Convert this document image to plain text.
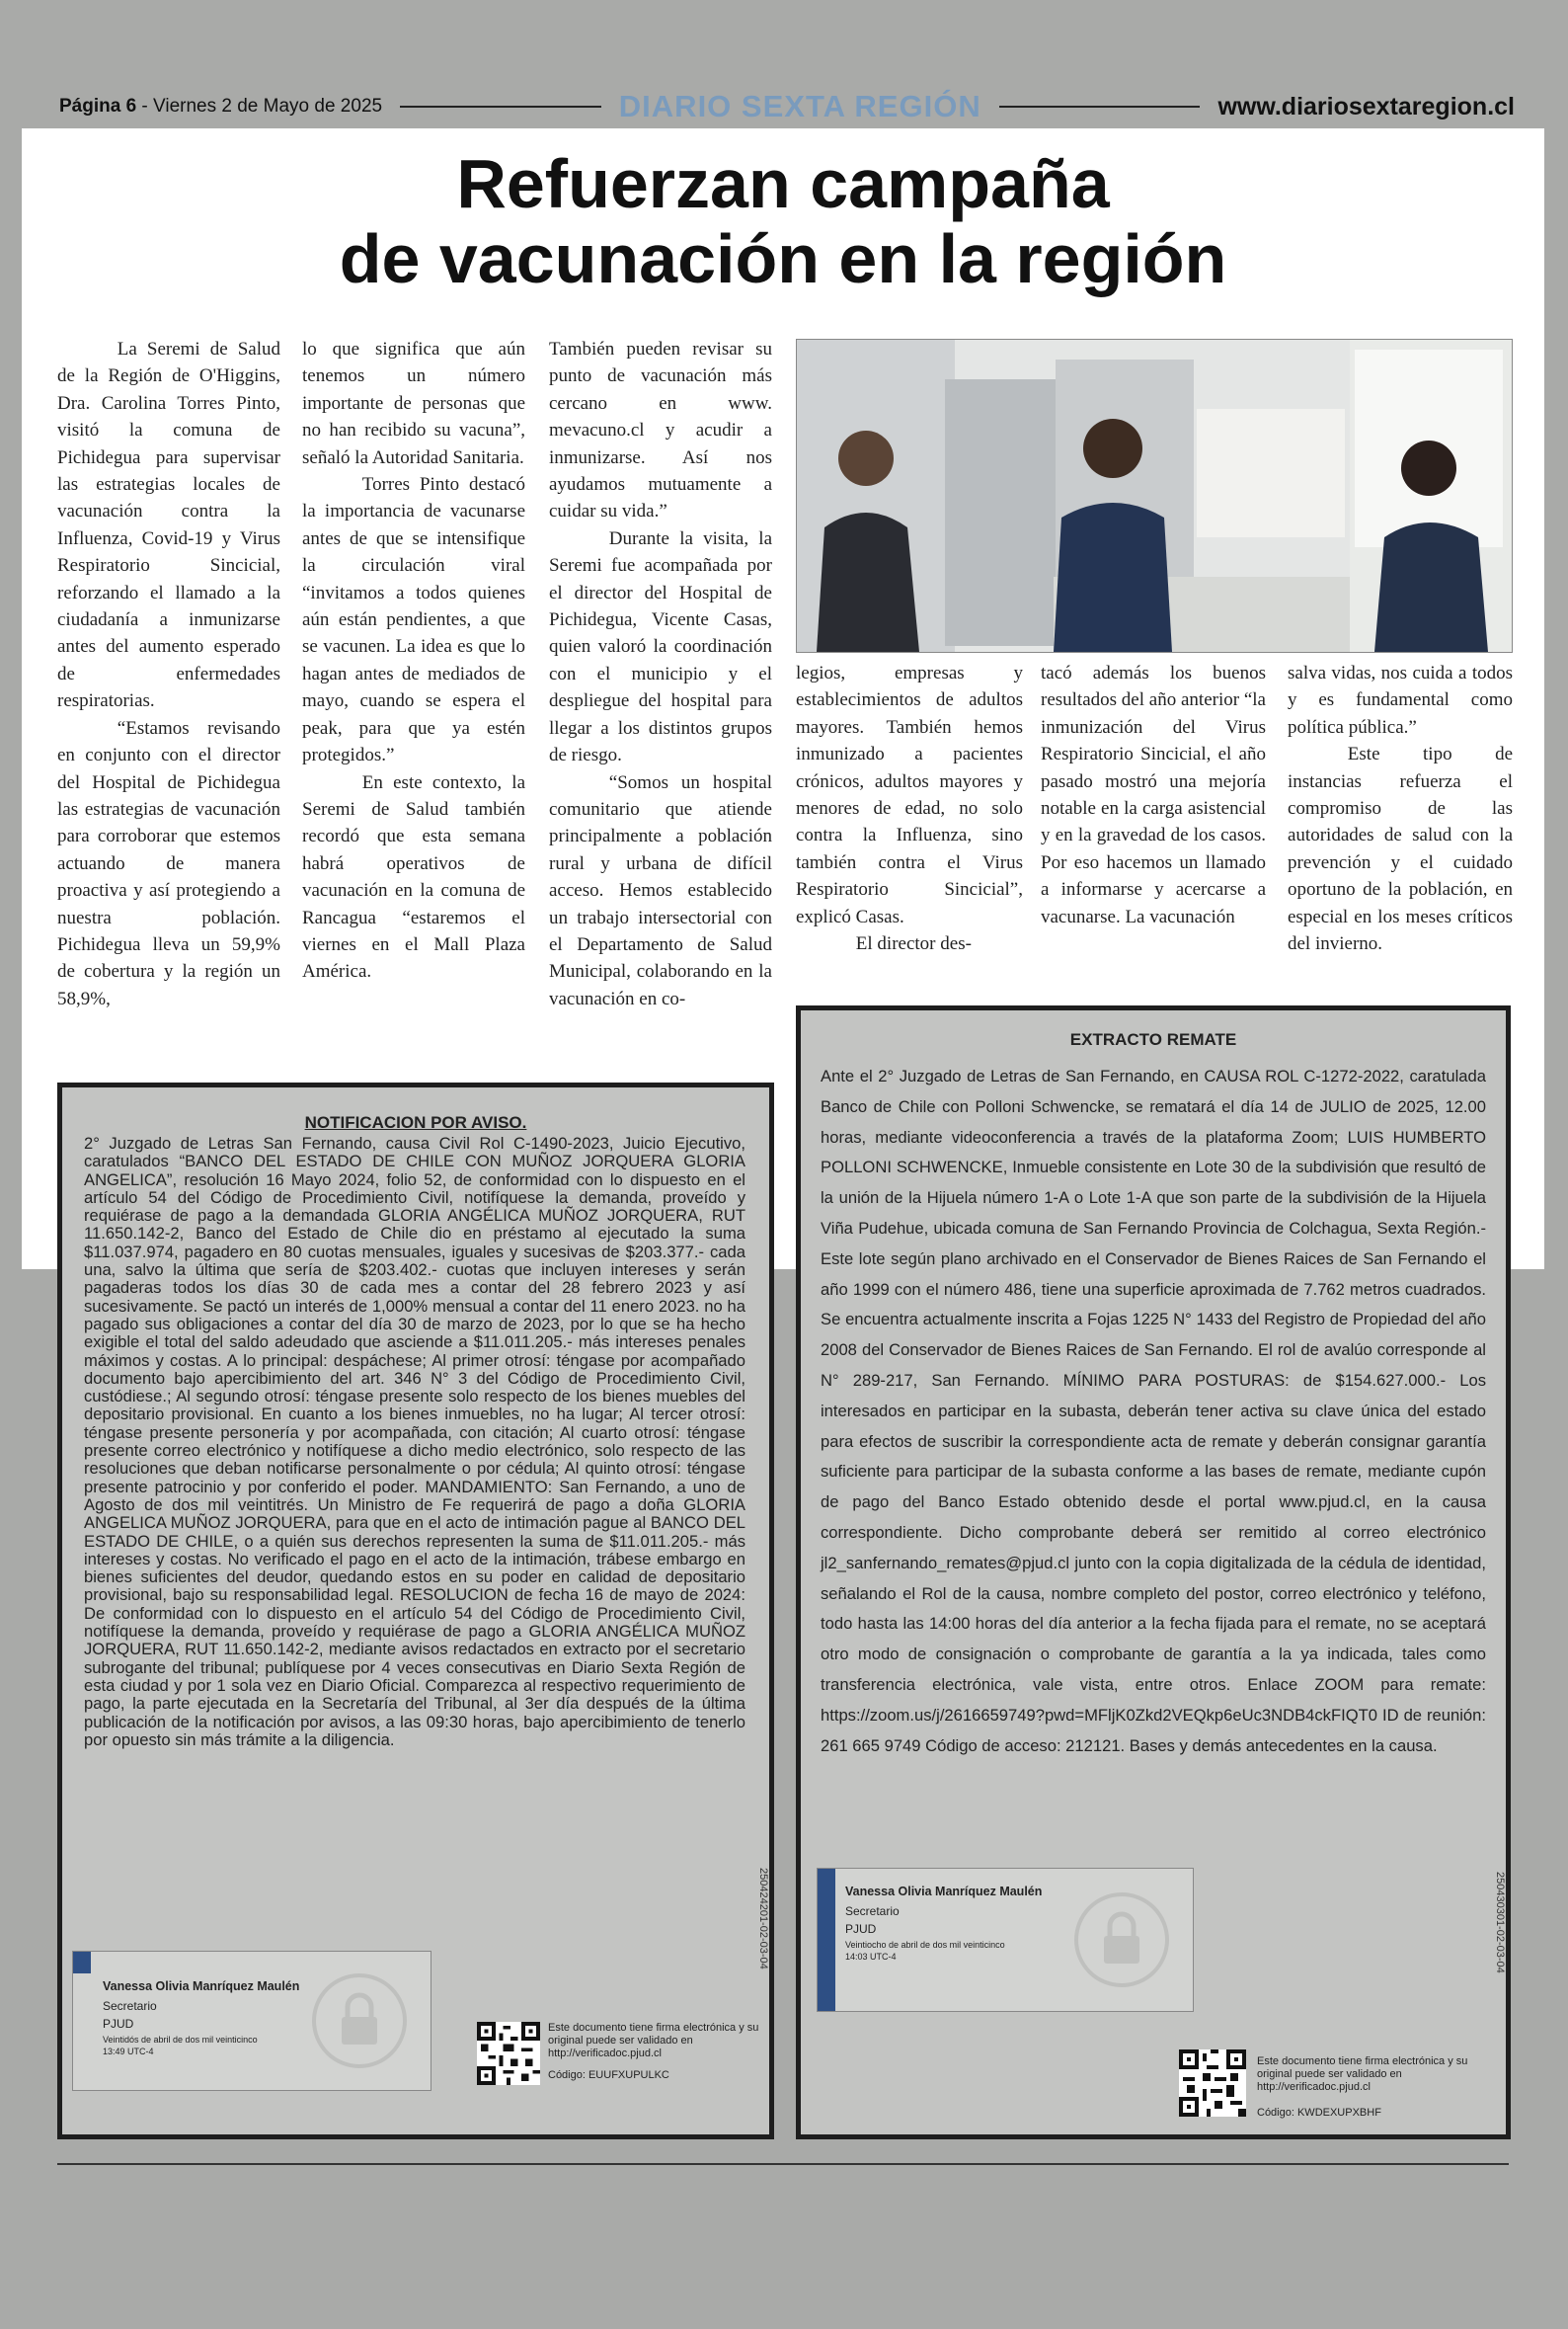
Página 6 - Viernes 2 de Mayo de 2025	DIARIO SEXTA REGIÓN	www.diariosextaregion.cl
Refuerzan campaña
de vacunación en la región

La Seremi de Salud de la Región de O'Higgins, Dra. Carolina Torres Pinto, visitó la comuna de Pichidegua para supervisar las estrategias locales de vacunación contra la Influenza, Covid-19 y Virus Respiratorio Sincicial, reforzando el llamado a la ciudadanía a inmunizarse antes del aumento esperado de enfermedades respiratorias.

“Estamos revisando en conjunto con el director del Hospital de Pichidegua las estrategias de vacunación para corroborar que estemos actuando de manera proactiva y así protegiendo a nuestra población. Pichidegua lleva un 59,9% de cobertura y la región un 58,9%,

lo que significa que aún tenemos un número importante de personas que no han recibido su vacuna”, señaló la Autoridad Sanitaria.

Torres Pinto destacó la importancia de vacunarse antes de que se intensifique la circulación viral “invitamos a todos quienes aún están pendientes, a que se vacunen. La idea es que lo hagan antes de mediados de mayo, cuando se espera el peak, para que ya estén protegidos.”

En este contexto, la Seremi de Salud también recordó que esta semana habrá operativos de vacunación en la comuna de Rancagua “estaremos el viernes en el Mall Plaza América.

También pueden revisar su punto de vacunación más cercano en www. mevacuno.cl y acudir a inmunizarse. Así nos ayudamos mutuamente a cuidar su vida.”

Durante la visita, la Seremi fue acompañada por el director del Hospital de Pichidegua, Vicente Casas, quien valoró la coordinación con el municipio y el despliegue del hospital para llegar a los distintos grupos de riesgo.

“Somos un hospital comunitario que atiende principalmente a población rural y urbana de difícil acceso. Hemos establecido un trabajo intersectorial con el Departamento de Salud Municipal, colaborando en la vacunación en co-

legios, empresas y establecimientos de adultos mayores. También hemos inmunizado a pacientes crónicos, adultos mayores y menores de edad, no solo contra la Influenza, sino también contra el Virus Respiratorio Sincicial”, explicó Casas.

El director des-

tacó además los buenos resultados del año anterior “la inmunización del Virus Respiratorio Sincicial, el año pasado mostró una mejoría notable en la carga asistencial y en la gravedad de los casos. Por eso hacemos un llamado a informarse y acercarse a vacunarse. La vacunación

salva vidas, nos cuida a todos y es fundamental como política pública.”

Este tipo de instancias refuerza el compromiso de las autoridades de salud con la prevención y el cuidado oportuno de la población, en especial en los meses críticos del invierno.

EXTRACTO REMATE
Ante el 2° Juzgado de Letras de San Fernando, en CAUSA ROL C-1272-2022, caratulada Banco de Chile con Polloni Schwencke, se rematará el día 14 de JULIO de 2025, 12.00 horas, mediante videoconferencia a través de la plataforma Zoom; LUIS HUMBERTO POLLONI SCHWENCKE, Inmueble consistente en Lote 30 de la subdivisión que resultó de la unión de la Hijuela número 1-A o Lote 1-A que son parte de la subdivisión de la Hijuela Viña Pudehue, ubicada comuna de San Fernando Provincia de Colchagua, Sexta Región.- Este lote según plano archivado en el Conservador de Bienes Raices de San Fernando el año 1999 con el número 486, tiene una superficie aproximada de 7.762 metros cuadrados. Se encuentra actualmente inscrita a Fojas 1225 N° 1433 del Registro de Propiedad del año 2008 del Conservador de Bienes Raices de San Fernando. El rol de avalúo corresponde al N° 289-217, San Fernando. MÍNIMO PARA POSTURAS: de $154.627.000.- Los interesados en participar en la subasta, deberán tener activa su clave única del estado para efectos de suscribir la correspondiente acta de remate y deberán consignar garantía suficiente para participar de la subasta conforme a las bases de remate, mediante cupón de pago del Banco Estado obtenido desde el portal www.pjud.cl, en la causa correspondiente. Dicho comprobante deberá ser remitido al correo electrónico jl2_sanfernando_remates@pjud.cl junto con la copia digitalizada de la cédula de identidad, señalando el Rol de la causa, nombre completo del postor, correo electrónico y teléfono, todo hasta las 14:00 horas del día anterior a la fecha fijada para el remate, no se aceptará otro modo de consignación o comprobante de garantía a la ya indicada, tales como transferencia electrónica, vale vista, entre otros. Enlace ZOOM para remate: https://zoom.us/j/2616659749?pwd=MFljK0Zkd2VEQkp6eUc3NDB4ckFIQT0 ID de reunión: 261 665 9749 Código de acceso: 212121. Bases y demás antecedentes en la causa.
Vanessa Olivia Manríquez Maulén
Secretario
PJUD
Veintiocho de abril de dos mil veinticinco
14:03 UTC-4
Este documento tiene firma electrónica y su original puede ser validado en http://verificadoc.pjud.cl
Código: KWDEXUPXBHF
250430301-02-03-04
NOTIFICACION POR AVISO.
2° Juzgado de Letras San Fernando, causa Civil Rol C-1490-2023, Juicio Ejecutivo, caratulados “BANCO DEL ESTADO DE CHILE CON MUÑOZ JORQUERA GLORIA ANGELICA”, resolución 16 Mayo 2024, folio 52, de conformidad con lo dispuesto en el artículo 54 del Código de Procedimiento Civil, notifíquese la demanda, proveído y requiérase de pago a la demandada GLORIA ANGÉLICA MUÑOZ JORQUERA, RUT 11.650.142-2, Banco del Estado de Chile dio en préstamo al ejecutado la suma $11.037.974, pagadero en 80 cuotas mensuales, iguales y sucesivas de $203.377.- cada una, salvo la última que sería de $203.402.- cuotas que incluyen intereses y serán pagaderas todos los días 30 de cada mes a contar del 28 febrero 2023 y así sucesivamente. Se pactó un interés de 1,000% mensual a contar del 11 enero 2023. no ha pagado sus obligaciones a contar del día 30 de marzo de 2023, por lo que se ha hecho exigible el total del saldo adeudado que asciende a $11.011.205.- más intereses penales máximos y costas. A lo principal: despáchese; Al primer otrosí: téngase por acompañado documento bajo apercibimiento del art. 346 N° 3 del Código de Procedimiento Civil, custódiese.; Al segundo otrosí: téngase presente solo respecto de los bienes muebles del depositario provisional. En cuanto a los bienes inmuebles, no ha lugar; Al tercer otrosí: téngase presente personería y por acompañada, con citación; Al cuarto otrosí: téngase presente correo electrónico y notifíquese a dicho medio electrónico, solo respecto de las resoluciones que deban notificarse personalmente o por cédula; Al quinto otrosí: téngase presente patrocinio y por conferido el poder. MANDAMIENTO: San Fernando, a uno de Agosto de dos mil veintitrés. Un Ministro de Fe requerirá de pago a doña GLORIA ANGELICA MUÑOZ JORQUERA, para que en el acto de intimación pague al BANCO DEL ESTADO DE CHILE, o a quién sus derechos representen la suma de $11.011.205.- más intereses y costas. No verificado el pago en el acto de la intimación, trábese embargo en bienes suficientes del deudor, quedando estos en su poder en calidad de depositario provisional, bajo su responsabilidad legal. RESOLUCION de fecha 16 de mayo de 2024: De conformidad con lo dispuesto en el artículo 54 del Código de Procedimiento Civil, notifíquese la demanda, proveído y requiérase de pago a GLORIA ANGÉLICA MUÑOZ JORQUERA, RUT 11.650.142-2, mediante avisos redactados en extracto por el secretario subrogante del tribunal; publíquese por 4 veces consecutivas en Diario Sexta Región de esta ciudad y por 1 sola vez en Diario Oficial. Comparezca al respectivo requerimiento de pago, la parte ejecutada en la Secretaría del Tribunal, al 3er día después de la última publicación de la notificación por avisos, a las 09:30 horas, bajo apercibimiento de tenerlo por opuesto sin más trámite a la diligencia.
Vanessa Olivia Manríquez Maulén
Secretario
PJUD
Veintidós de abril de dos mil veinticinco
13:49 UTC-4
Este documento tiene firma electrónica y su original puede ser validado en http://verificadoc.pjud.cl
Código: EUUFXUPULKC
250424201-02-03-04
